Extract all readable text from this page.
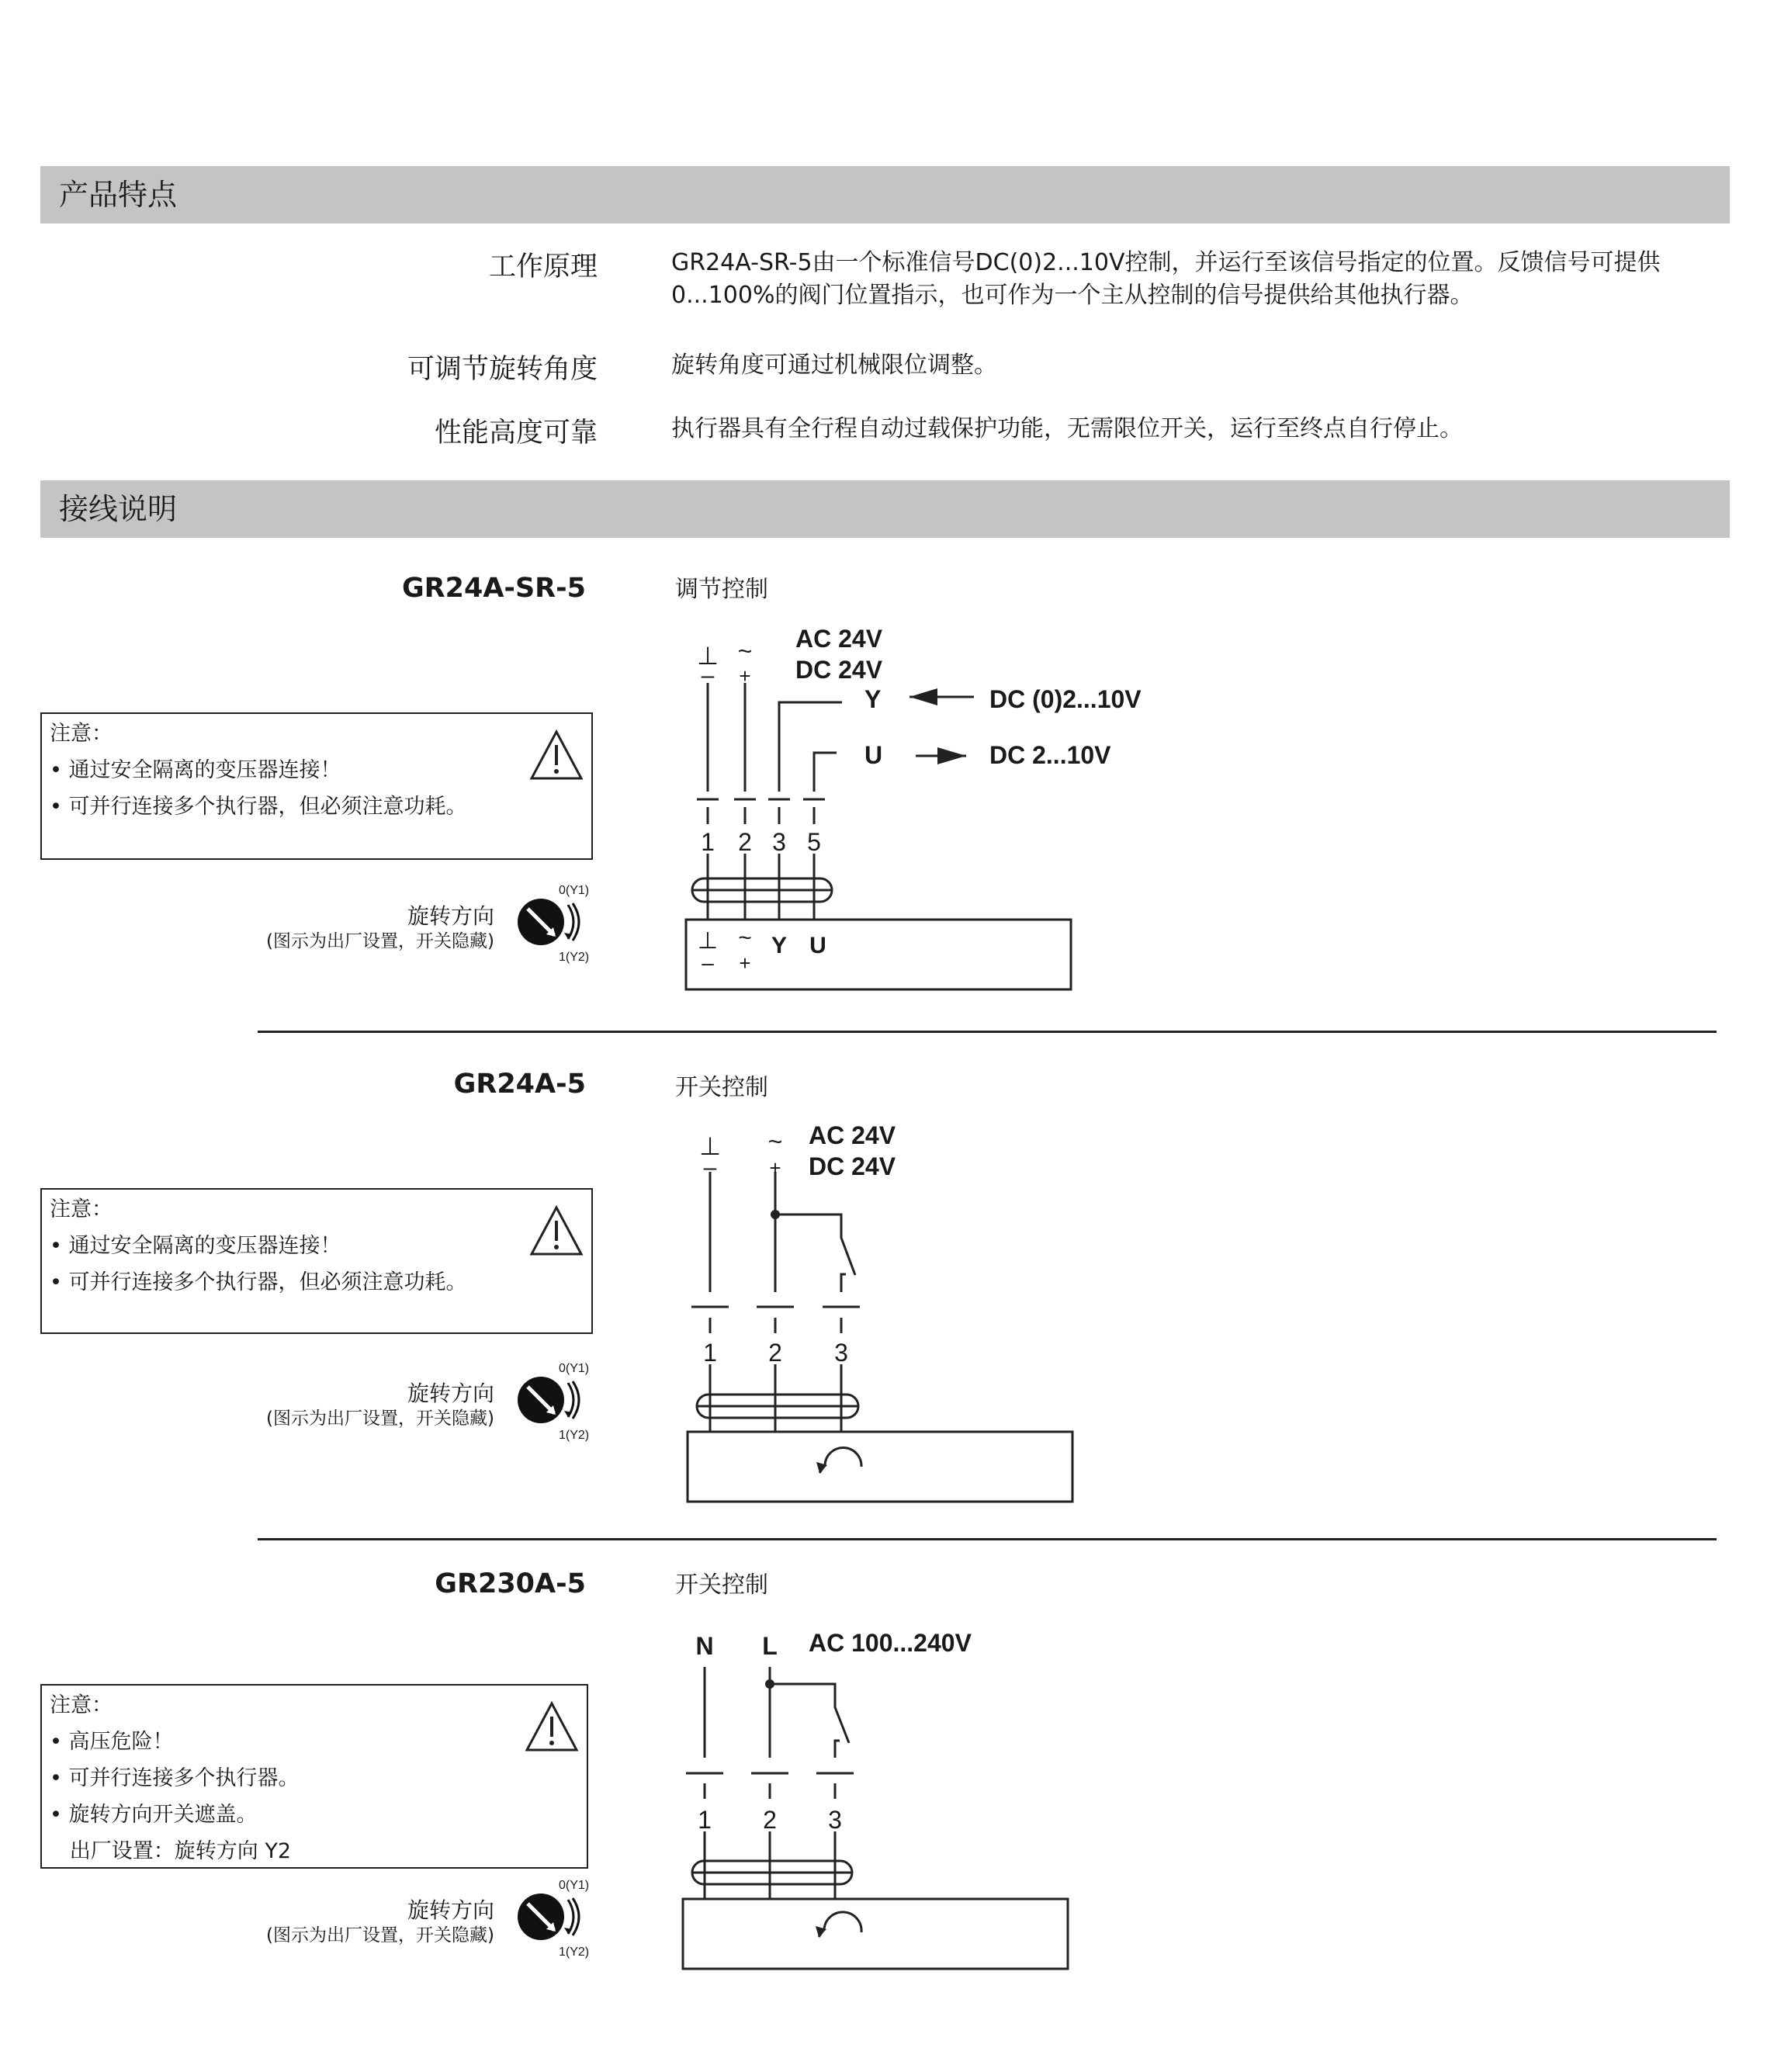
产品特点
接线说明
工作原理	GR24A-SR-5由一个标准信号DC(0)2...10V控制，并运行至该信号指定的位置。反馈信号可提供0...100%的阀门位置指示，也可作为一个主从控制的信号提供给其他执行器。
可调节旋转角度	旋转角度可通过机械限位调整。
性能高度可靠	执行器具有全行程自动过载保护功能，无需限位开关，运行至终点自行停止。
GR24A-SR-5	调节控制
注意：
• 通过安全隔离的变压器连接！
• 可并行连接多个执行器，但必须注意功耗。
旋转方向
(图示为出厂设置，开关隐藏)
0(Y1)
1(Y2)
GR24A-5	开关控制
注意：
• 通过安全隔离的变压器连接！
• 可并行连接多个执行器，但必须注意功耗。
旋转方向
(图示为出厂设置，开关隐藏)
0(Y1)
1(Y2)
GR230A-5	开关控制
注意：
• 高压危险！
• 可并行连接多个执行器。
• 旋转方向开关遮盖。
出厂设置：旋转方向 Y2
旋转方向
(图示为出厂设置，开关隐藏)
0(Y1)
1(Y2)
⊥
–
~
+
AC 24V
DC 24V
Y	DC (0)2...10V
U	DC 2...10V
1 2 3 5
⊥
–
~
+
Y U
⊥
–
~
+
AC 24V
DC 24V
1 2 3
N L AC 100...240V
1 2 3
